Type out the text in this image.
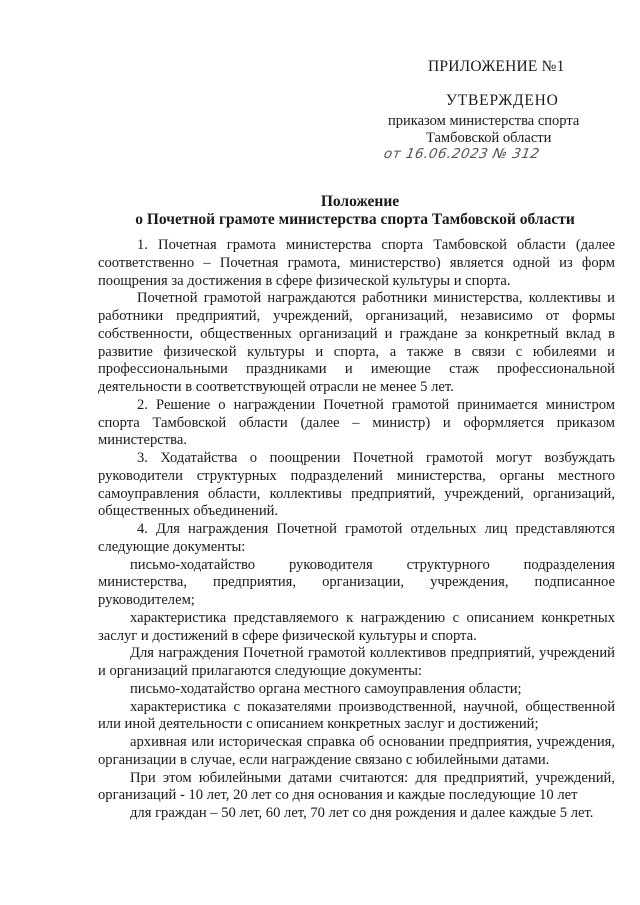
ПРИЛОЖЕНИЕ №1
УТВЕРЖДЕНО
приказом министерства спорта
Тамбовской области
от 16.06.2023 № 312
Положение
о Почетной грамоте министерства спорта Тамбовской области

1. Почетная грамота министерства спорта Тамбовской области (далее соответственно – Почетная грамота, министерство) является одной из форм поощрения за достижения в сфере физической культуры и спорта.

Почетной грамотой награждаются работники министерства, коллективы и работники предприятий, учреждений, организаций, независимо от формы собственности, общественных организаций и граждане за конкретный вклад в развитие физической культуры и спорта, а также в связи с юбилеями и профессиональными праздниками и имеющие стаж профессиональной деятельности в соответствующей отрасли не менее 5 лет.

2. Решение о награждении Почетной грамотой принимается министром спорта Тамбовской области (далее – министр) и оформляется приказом министерства.

3. Ходатайства о поощрении Почетной грамотой могут возбуждать руководители структурных подразделений министерства, органы местного самоуправления области, коллективы предприятий, учреждений, организаций, общественных объединений.

4. Для награждения Почетной грамотой отдельных лиц представляются следующие документы:

письмо-ходатайство руководителя структурного подразделения министерства, предприятия, организации, учреждения, подписанное руководителем;

характеристика представляемого к награждению с описанием конкретных заслуг и достижений в сфере физической культуры и спорта.

Для награждения Почетной грамотой коллективов предприятий, учреждений и организаций прилагаются следующие документы:

письмо-ходатайство органа местного самоуправления области;

характеристика с показателями производственной, научной, общественной или иной деятельности с описанием конкретных заслуг и достижений;

архивная или историческая справка об основании предприятия, учреждения, организации в случае, если награждение связано с юбилейными датами.

При этом юбилейными датами считаются: для предприятий, учреждений, организаций - 10 лет, 20 лет со дня основания и каждые последующие 10 лет

для граждан – 50 лет, 60 лет, 70 лет со дня рождения и далее каждые 5 лет.
